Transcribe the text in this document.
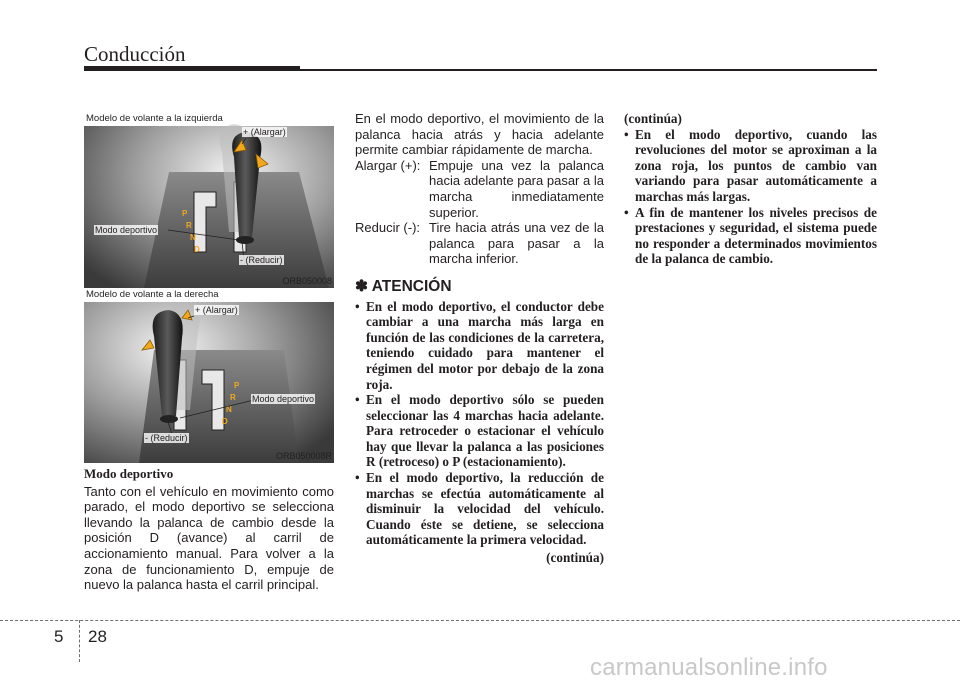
Conducción
P
R
N
D
Modelo de volante a la izquierda
+ (Alargar)
Modo deportivo
- (Reducir)
ORB050008
P
R
N
D
Modelo de volante a la derecha
+ (Alargar)
Modo deportivo
- (Reducir)
ORB050008R
Modo deportivo

Tanto con el vehículo en movimiento como parado, el modo deportivo se selecciona llevando la palanca de cambio desde la posición D (avance) al carril de accionamiento manual. Para volver a la zona de funcionamiento D, empuje de nuevo la palanca hasta el carril principal.

En el modo deportivo, el movimiento de la palanca hacia atrás y hacia adelante permite cambiar rápidamente de marcha.

Alargar (+): Empuje una vez la palanca hacia adelante para pasar a la marcha inmediatamente superior.
Reducir (-): Tire hacia atrás una vez de la palanca para pasar a la marcha inferior.
✽ ATENCIÓN
• En el modo deportivo, el conductor debe cambiar a una marcha más larga en función de las condiciones de la carretera, teniendo cuidado para mantener el régimen del motor por debajo de la zona roja.
• En el modo deportivo sólo se pueden seleccionar las 4 marchas hacia adelante. Para retroceder o estacionar el vehículo hay que llevar la palanca a las posiciones R (retroceso) o P (estacionamiento).
• En el modo deportivo, la reducción de marchas se efectúa automáticamente al disminuir la velocidad del vehículo. Cuando éste se detiene, se selecciona automáticamente la primera velocidad.
(continúa)

(continúa)

• En el modo deportivo, cuando las revoluciones del motor se aproximan a la zona roja, los puntos de cambio van variando para pasar automáticamente a marchas más largas.
• A fin de mantener los niveles precisos de prestaciones y seguridad, el sistema puede no responder a determinados movimientos de la palanca de cambio.
5 28
carmanualsonline.info
